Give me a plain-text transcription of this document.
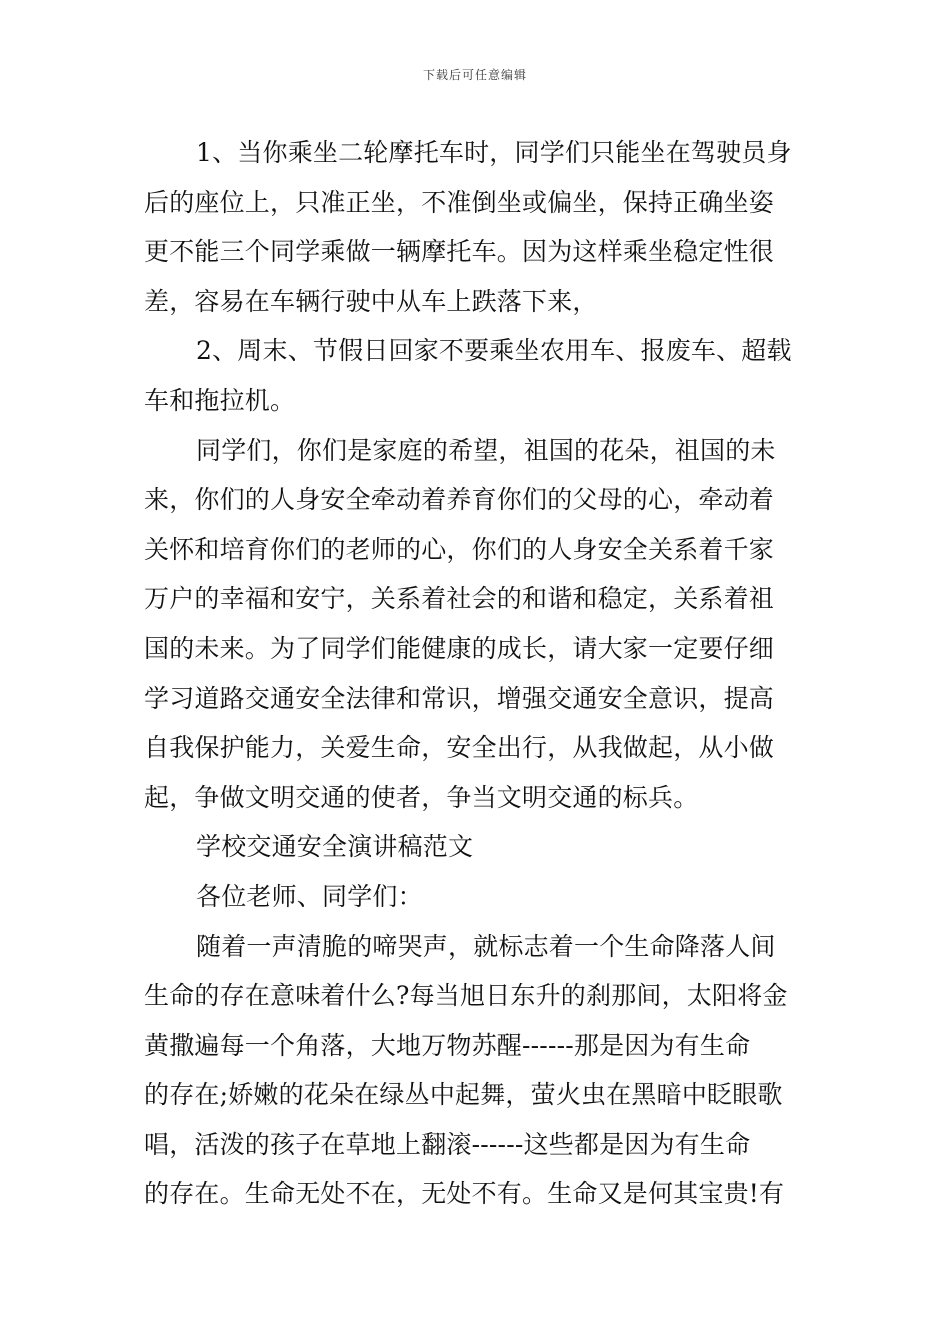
下载后可任意编辑
1、当你乘坐二轮摩托车时，同学们只能坐在驾驶员身
后的座位上，只准正坐，不准倒坐或偏坐，保持正确坐姿
更不能三个同学乘做一辆摩托车。因为这样乘坐稳定性很
差，容易在车辆行驶中从车上跌落下来，
2、周末、节假日回家不要乘坐农用车、报废车、超载
车和拖拉机。
同学们，你们是家庭的希望，祖国的花朵，祖国的未
来，你们的人身安全牵动着养育你们的父母的心，牵动着
关怀和培育你们的老师的心，你们的人身安全关系着千家
万户的幸福和安宁，关系着社会的和谐和稳定，关系着祖
国的未来。为了同学们能健康的成长，请大家一定要仔细
学习道路交通安全法律和常识，增强交通安全意识，提高
自我保护能力，关爱生命，安全出行，从我做起，从小做
起，争做文明交通的使者，争当文明交通的标兵。
学校交通安全演讲稿范文
各位老师、同学们：
随着一声清脆的啼哭声，就标志着一个生命降落人间
生命的存在意味着什么?每当旭日东升的刹那间，太阳将金
黄撒遍每一个角落，大地万物苏醒------那是因为有生命
的存在;娇嫩的花朵在绿丛中起舞，萤火虫在黑暗中眨眼歌
唱，活泼的孩子在草地上翻滚------这些都是因为有生命
的存在。生命无处不在，无处不有。生命又是何其宝贵!有
